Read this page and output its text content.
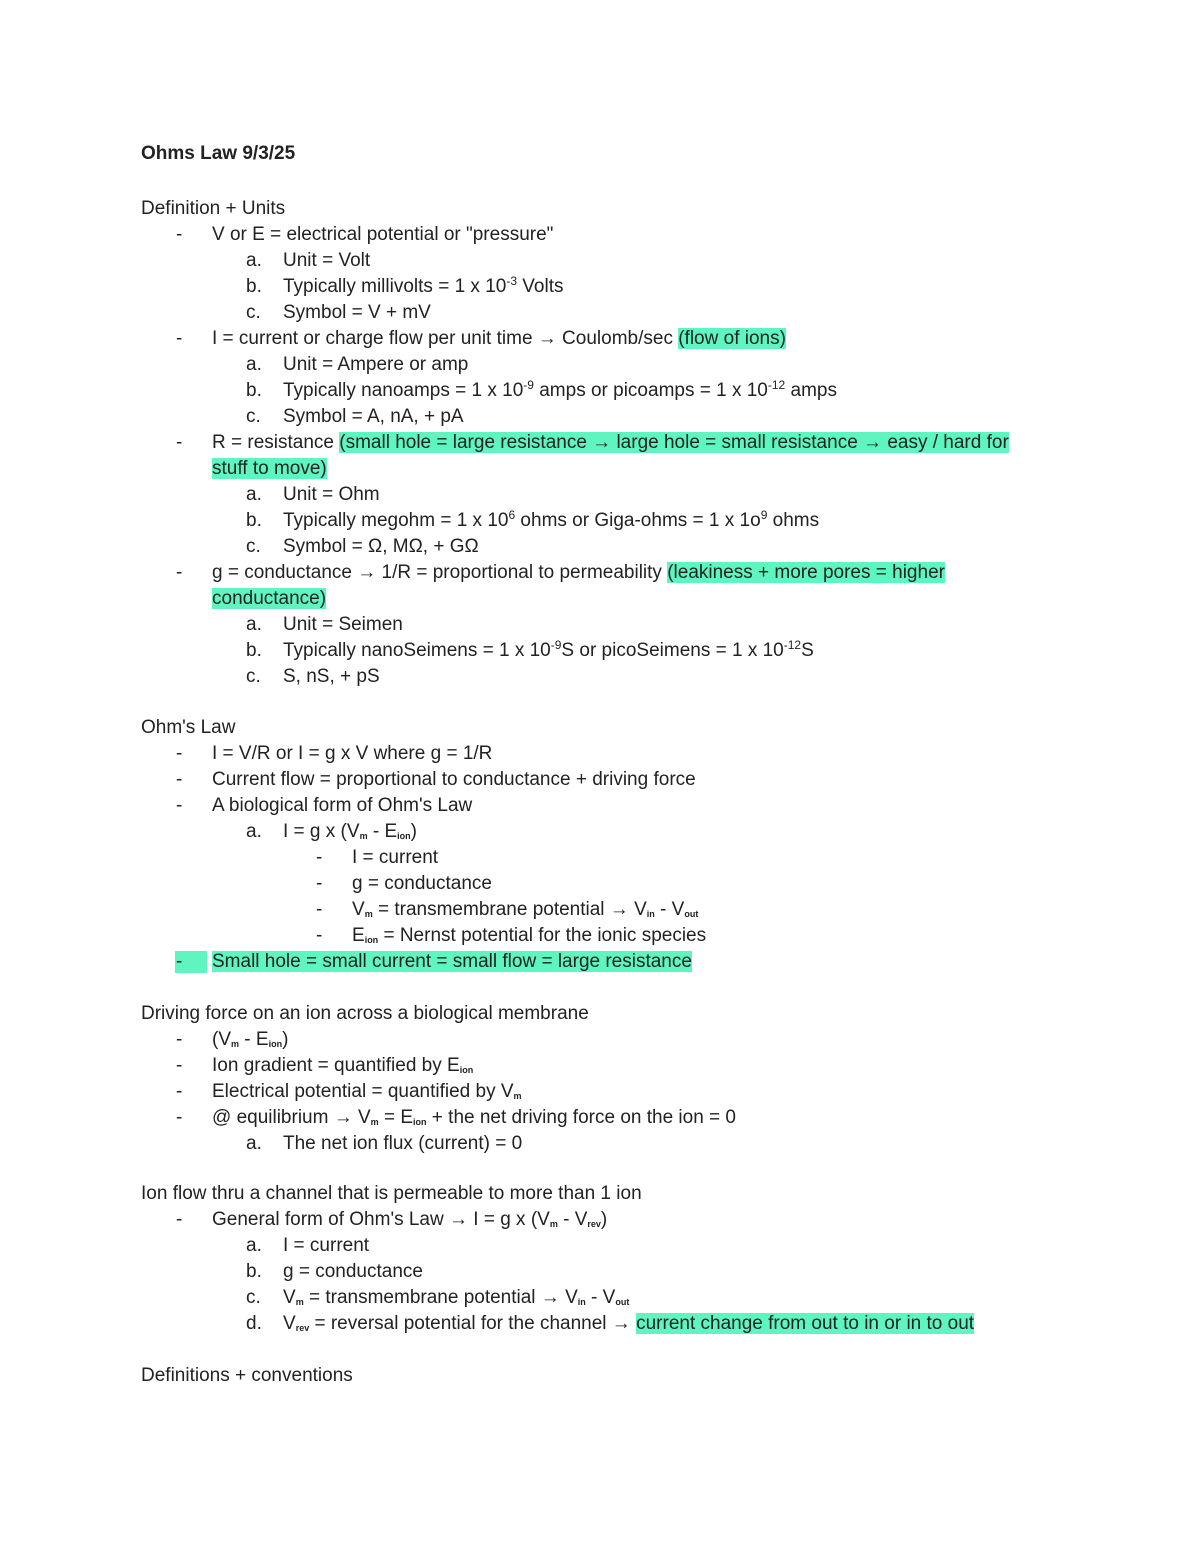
Ohms Law 9/3/25
Definition + Units
- V or E = electrical potential or "pressure"
a. Unit = Volt
b. Typically millivolts = 1 x $10^{-3}$ Volts
c. Symbol = V + mV
- I = current or charge flow per unit time → Coulomb/sec (flow of ions)
a. Unit = Ampere or amp
b. Typically nanoamps = 1 x $10^{-9}$ amps or picoamps = 1 x $10^{-12}$ amps
c. Symbol = A, nA, + pA
- R = resistance (small hole = large resistance → large hole = small resistance → easy / hard for
stuff to move)
a. Unit = Ohm
b. Typically megohm = 1 x $10^6$ ohms or Giga-ohms = 1 x $1o^9$ ohms
c. Symbol = Ω, MΩ, + GΩ
- g = conductance → 1/R = proportional to permeability (leakiness + more pores = higher
conductance)
a. Unit = Seimen
b. Typically nanoSeimens = 1 x $10^{-9}S$ or picoSeimens = 1 x $10^{-12}S$
c. S, nS, + pS
Ohm's Law
- I = V/R or I = g x V where g = 1/R
- Current flow = proportional to conductance + driving force
- A biological form of Ohm's Law
a. I = g x $(V_m - E_{ion})$
- I = current
- g = conductance
- $V_m$ = transmembrane potential → $V_{in} - V_{out}$
- $E_{ion}$ = Nernst potential for the ionic species
- Small hole = small current = small flow = large resistance
Driving force on an ion across a biological membrane
- $(V_m - E_{ion})$
- Ion gradient = quantified by $E_{ion}$
- Electrical potential = quantified by $V_m$
- @ equilibrium → $V_m = E_{ion}$ + the net driving force on the ion = 0
a. The net ion flux (current) = 0
Ion flow thru a channel that is permeable to more than 1 ion
- General form of Ohm's Law → I = g x $(V_m - V_{rev})$
a. I = current
b. g = conductance
c. $V_m$ = transmembrane potential → $V_{in} - V_{out}$
d. $V_{rev}$ = reversal potential for the channel → current change from out to in or in to out
Definitions + conventions
